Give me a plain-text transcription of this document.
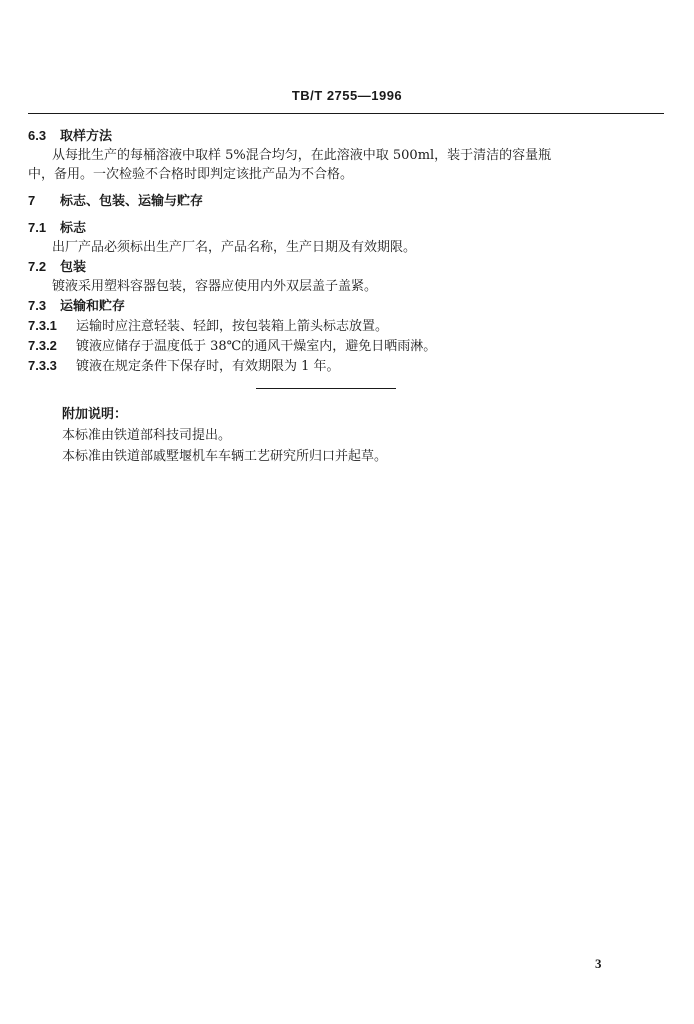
TB/T 2755—1996

6.3 取样方法

从每批生产的每桶溶液中取样 5%混合均匀，在此溶液中取 500ml，装于清洁的容量瓶

中，备用。一次检验不合格时即判定该批产品为不合格。

7 标志、包装、运输与贮存

7.1 标志

出厂产品必须标出生产厂名，产品名称，生产日期及有效期限。

7.2 包装

镀液采用塑料容器包装，容器应使用内外双层盖子盖紧。

7.3 运输和贮存

7.3.1 运输时应注意轻装、轻卸，按包装箱上箭头标志放置。

7.3.2 镀液应储存于温度低于 38℃的通风干燥室内，避免日晒雨淋。

7.3.3 镀液在规定条件下保存时，有效期限为 1 年。

附加说明：

本标准由铁道部科技司提出。

本标准由铁道部戚墅堰机车车辆工艺研究所归口并起草。

3
